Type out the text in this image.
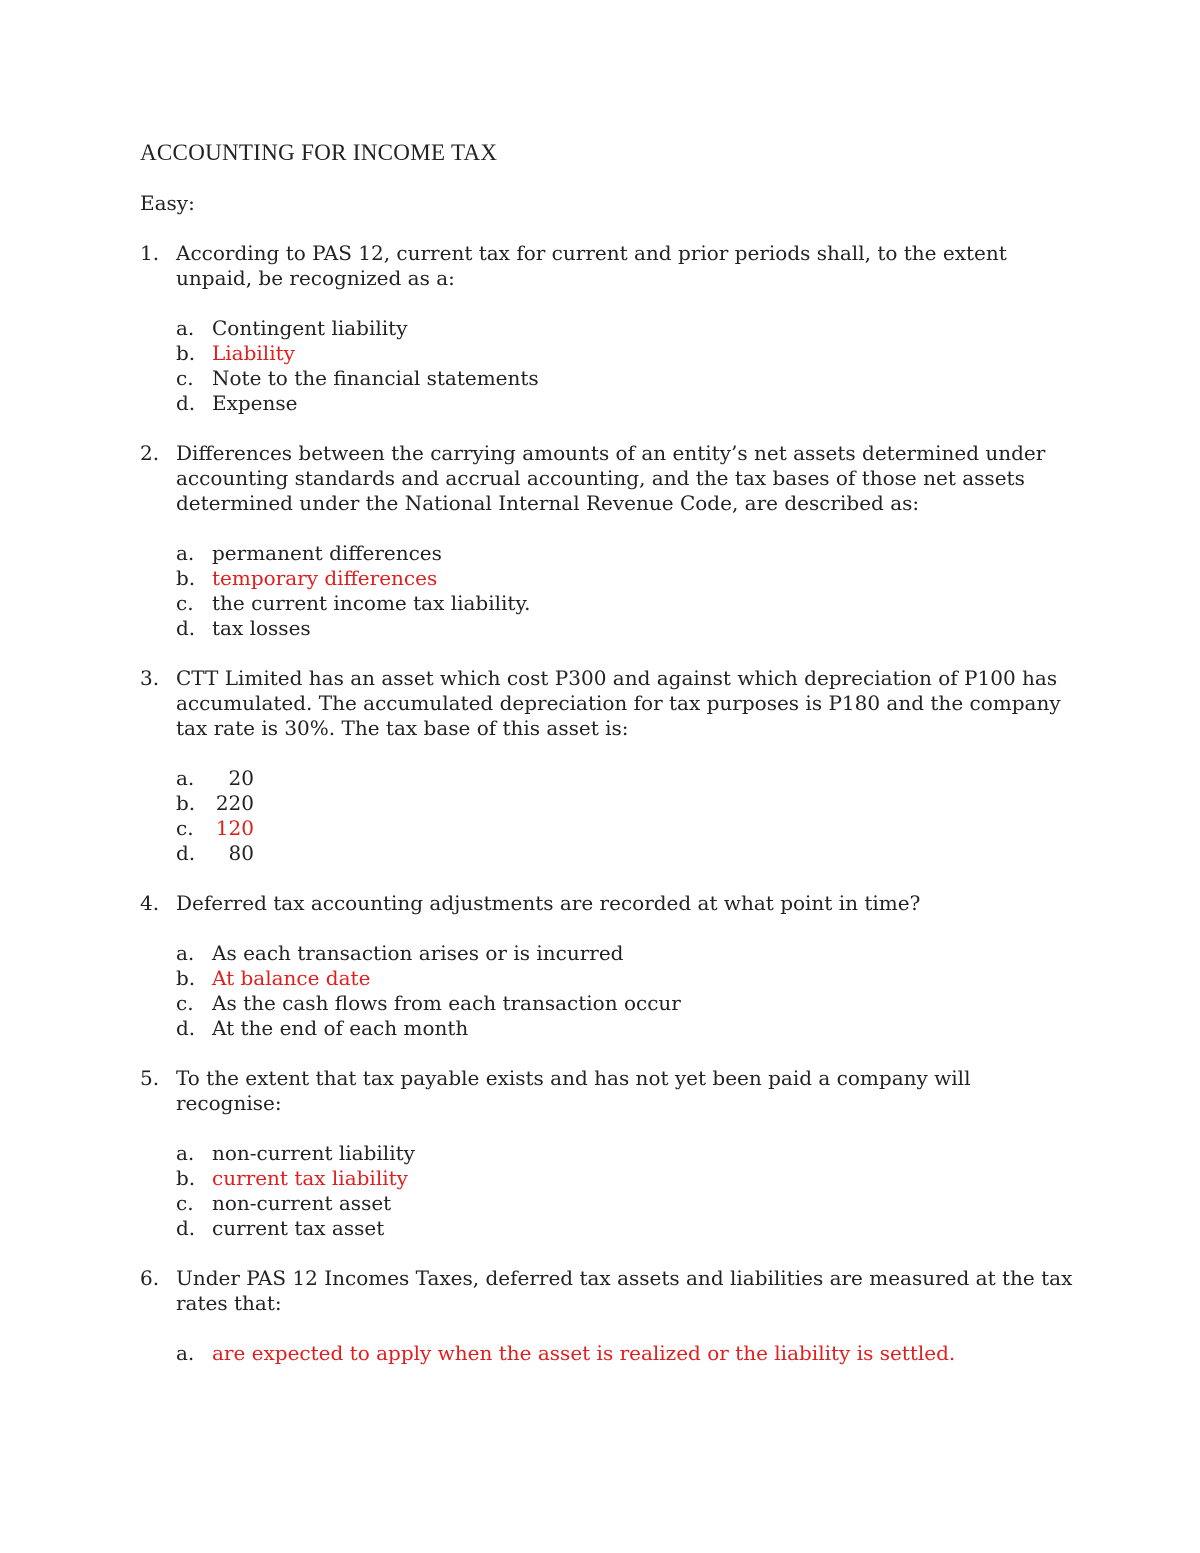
ACCOUNTING FOR INCOME TAX
Easy:
1. According to PAS 12, current tax for current and prior periods shall, to the extent unpaid, be recognized as a:

a. Contingent liability
b. Liability
c. Note to the financial statements
d. Expense
2. Differences between the carrying amounts of an entity’s net assets determined under accounting standards and accrual accounting, and the tax bases of those net assets determined under the National Internal Revenue Code, are described as:

a. permanent differences
b. temporary differences
c. the current income tax liability.
d. tax losses
3. CTT Limited has an asset which cost P300 and against which depreciation of P100 has accumulated. The accumulated depreciation for tax purposes is P180 and the company tax rate is 30%. The tax base of this asset is:

a.	20
b.	220
c.	120
d.	80
4. Deferred tax accounting adjustments are recorded at what point in time?

a. As each transaction arises or is incurred
b. At balance date
c. As the cash flows from each transaction occur
d. At the end of each month
5. To the extent that tax payable exists and has not yet been paid a company will recognise:

a. non-current liability
b. current tax liability
c. non-current asset
d. current tax asset
6. Under PAS 12 Incomes Taxes, deferred tax assets and liabilities are measured at the tax rates that:

a. are expected to apply when the asset is realized or the liability is settled.
